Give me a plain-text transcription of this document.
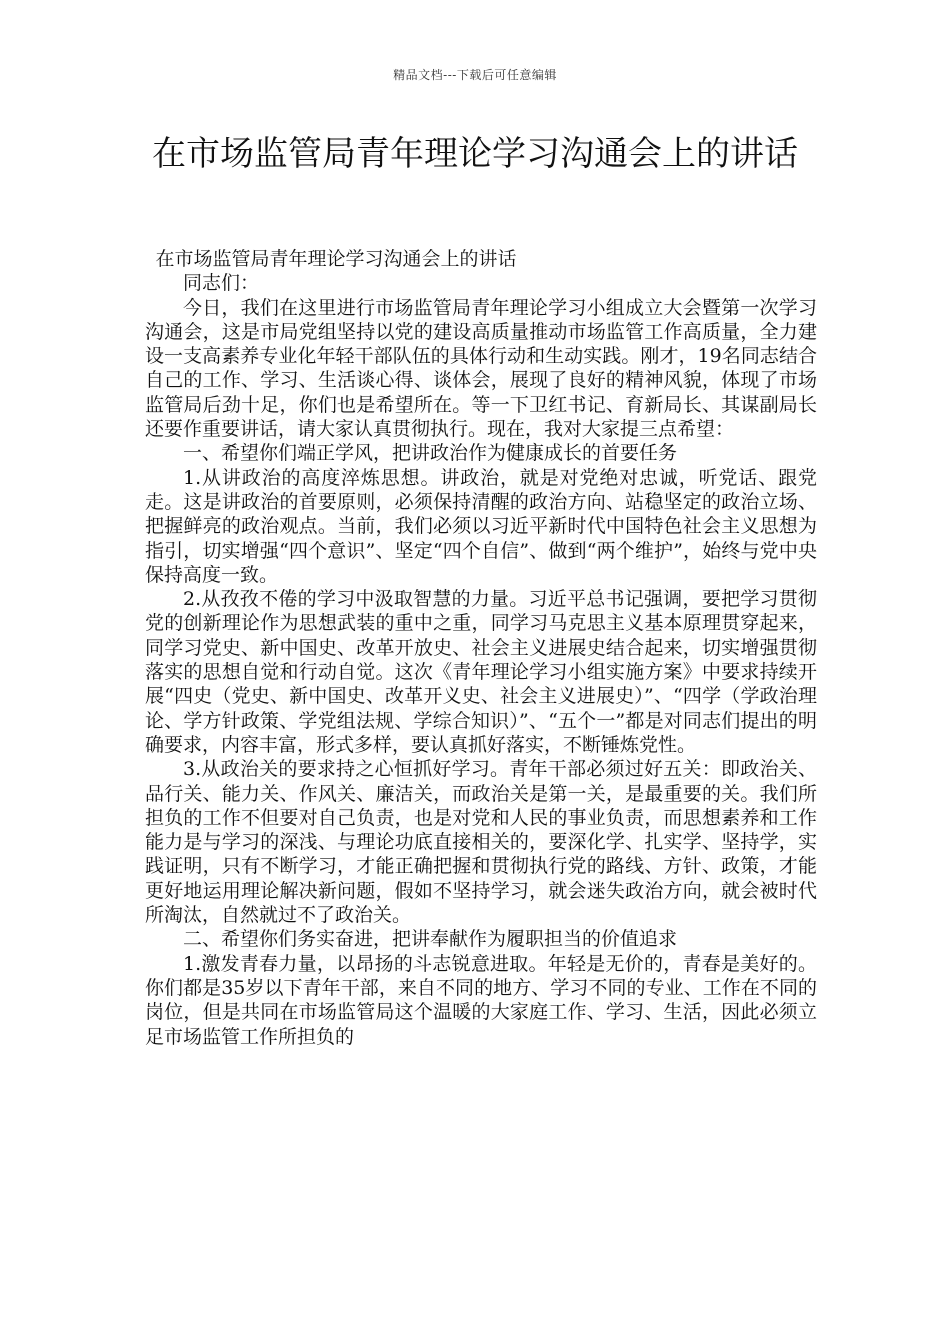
精品文档---下载后可任意编辑
在市场监管局青年理论学习沟通会上的讲话

在市场监管局青年理论学习沟通会上的讲话

同志们：

今日，我们在这里进行市场监管局青年理论学习小组成立大会暨第一次学习沟通会，这是市局党组坚持以党的建设高质量推动市场监管工作高质量，全力建设一支高素养专业化年轻干部队伍的具体行动和生动实践。刚才，19名同志结合自己的工作、学习、生活谈心得、谈体会，展现了良好的精神风貌，体现了市场监管局后劲十足，你们也是希望所在。等一下卫红书记、育新局长、其谋副局长还要作重要讲话，请大家认真贯彻执行。现在，我对大家提三点希望：

一、希望你们端正学风，把讲政治作为健康成长的首要任务

1.从讲政治的高度淬炼思想。讲政治，就是对党绝对忠诚，听党话、跟党走。这是讲政治的首要原则，必须保持清醒的政治方向、站稳坚定的政治立场、把握鲜亮的政治观点。当前，我们必须以习近平新时代中国特色社会主义思想为指引，切实增强“四个意识”、坚定“四个自信”、做到“两个维护”，始终与党中央保持高度一致。

2.从孜孜不倦的学习中汲取智慧的力量。习近平总书记强调，要把学习贯彻党的创新理论作为思想武装的重中之重，同学习马克思主义基本原理贯穿起来，同学习党史、新中国史、改革开放史、社会主义进展史结合起来，切实增强贯彻落实的思想自觉和行动自觉。这次《青年理论学习小组实施方案》中要求持续开展“四史（党史、新中国史、改革开义史、社会主义进展史）”、“四学（学政治理论、学方针政策、学党组法规、学综合知识）”、“五个一”都是对同志们提出的明确要求，内容丰富，形式多样，要认真抓好落实，不断锤炼党性。

3.从政治关的要求持之心恒抓好学习。青年干部必须过好五关：即政治关、品行关、能力关、作风关、廉洁关，而政治关是第一关，是最重要的关。我们所担负的工作不但要对自己负责，也是对党和人民的事业负责，而思想素养和工作能力是与学习的深浅、与理论功底直接相关的，要深化学、扎实学、坚持学，实践证明，只有不断学习，才能正确把握和贯彻执行党的路线、方针、政策，才能更好地运用理论解决新问题，假如不坚持学习，就会迷失政治方向，就会被时代所淘汰，自然就过不了政治关。

二、希望你们务实奋进，把讲奉献作为履职担当的价值追求

1.激发青春力量，以昂扬的斗志锐意进取。年轻是无价的，青春是美好的。你们都是35岁以下青年干部，来自不同的地方、学习不同的专业、工作在不同的岗位，但是共同在市场监管局这个温暖的大家庭工作、学习、生活，因此必须立足市场监管工作所担负的
